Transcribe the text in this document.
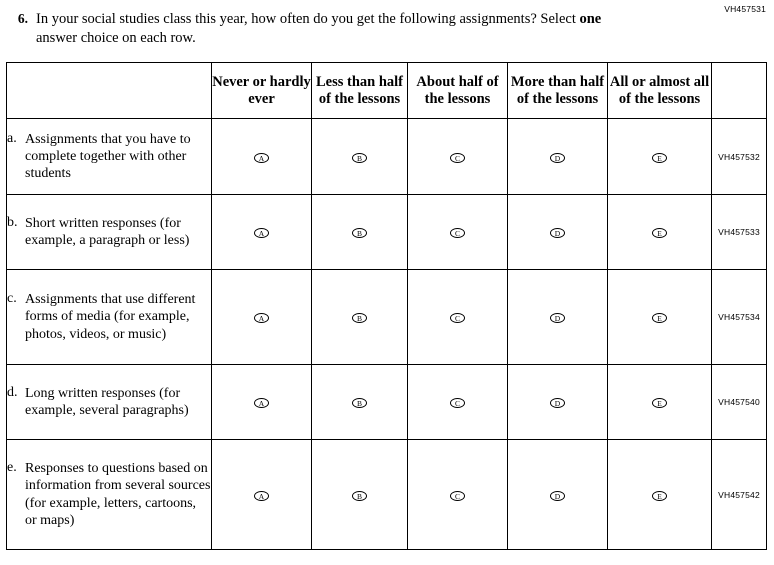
VH457531
6. In your social studies class this year, how often do you get the following assignments? Select one answer choice on each row.
	Never or hardly ever	Less than half of the lessons	About half of the lessons	More than half of the lessons	All or almost all of the lessons	

a. Assignments that you have to complete together with other students	A	B	C	D	E	VH457532

b. Short written responses (for example, a paragraph or less)	A	B	C	D	E	VH457533

c. Assignments that use different forms of media (for example, photos, videos, or music)	A	B	C	D	E	VH457534

d. Long written responses (for example, several paragraphs)	A	B	C	D	E	VH457540

e. Responses to questions based on information from several sources (for example, letters, cartoons, or maps)	A	B	C	D	E	VH457542
